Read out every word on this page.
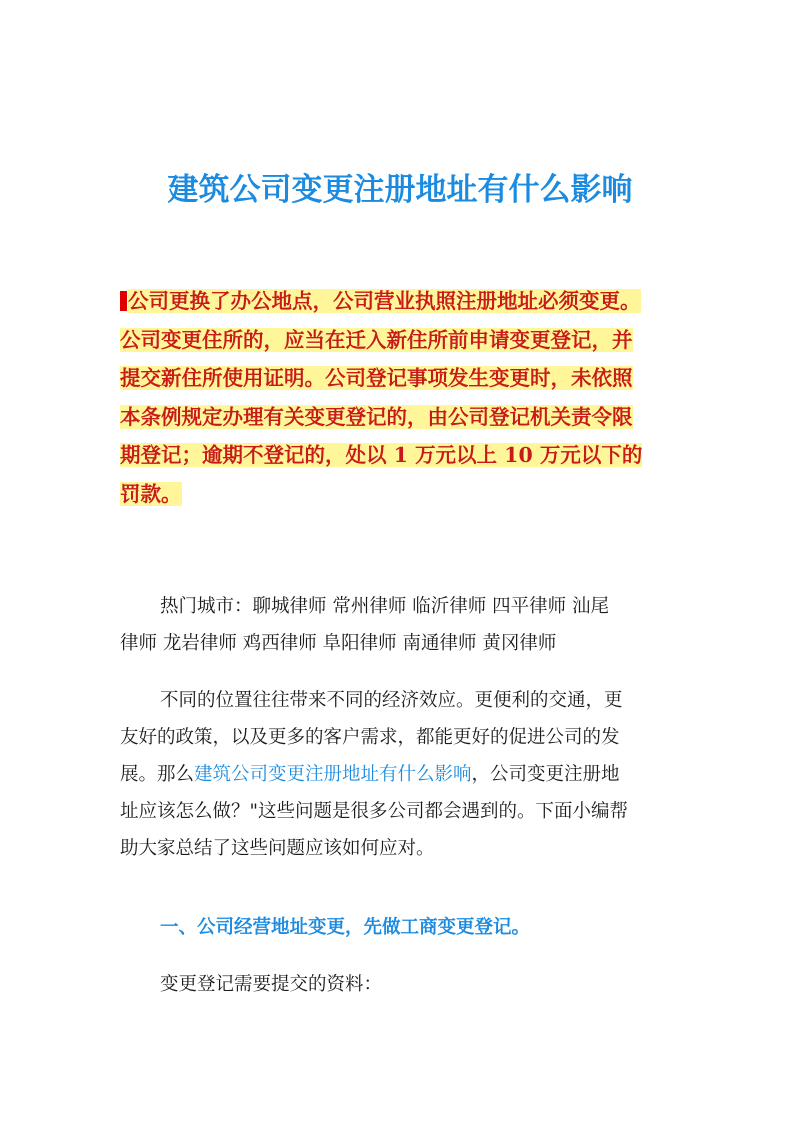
建筑公司变更注册地址有什么影响
公司更换了办公地点，公司营业执照注册地址必须变更。
公司变更住所的，应当在迁入新住所前申请变更登记，并
提交新住所使用证明。公司登记事项发生变更时，未依照
本条例规定办理有关变更登记的，由公司登记机关责令限
期登记；逾期不登记的，处以 1 万元以上 10 万元以下的
罚款。

热门城市：聊城律师 常州律师 临沂律师 四平律师 汕尾
律师 龙岩律师 鸡西律师 阜阳律师 南通律师 黄冈律师

不同的位置往往带来不同的经济效应。更便利的交通，更
友好的政策，以及更多的客户需求，都能更好的促进公司的发
展。那么建筑公司变更注册地址有什么影响，公司变更注册地
址应该怎么做？"这些问题是很多公司都会遇到的。下面小编帮
助大家总结了这些问题应该如何应对。

一、公司经营地址变更，先做工商变更登记。

变更登记需要提交的资料：
